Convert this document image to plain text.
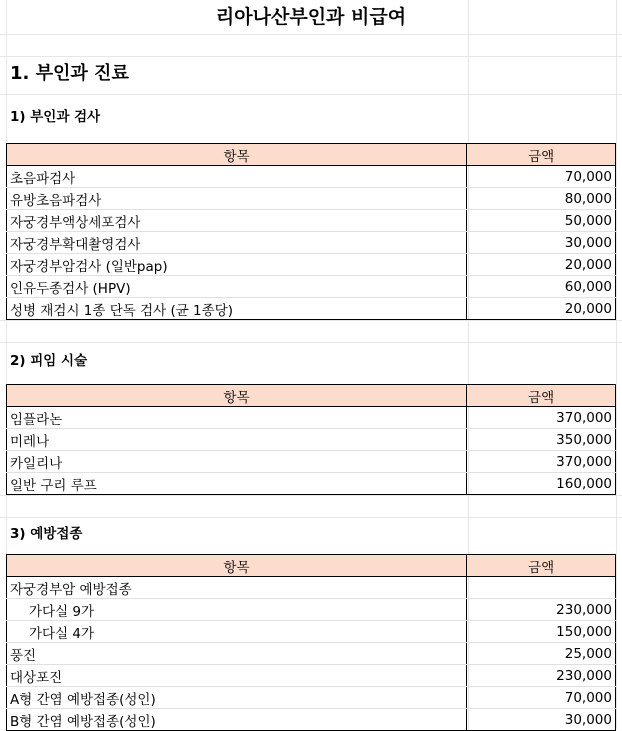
리아나산부인과 비급여
1. 부인과 진료
1) 부인과 검사
항목	금액
초음파검사	70,000
유방초음파검사	80,000
자궁경부액상세포검사	50,000
자궁경부확대촬영검사	30,000
자궁경부암검사 (일반pap)	20,000
인유두종검사 (HPV)	60,000
성병 재검시 1종 단독 검사 (균 1종당)	20,000
2) 피임 시술
항목	금액
임플라논	370,000
미레나	350,000
카일리나	370,000
일반 구리 루프	160,000
3) 예방접종
항목	금액
자궁경부암 예방접종	
가다실 9가	230,000
가다실 4가	150,000
풍진	25,000
대상포진	230,000
A형 간염 예방접종(성인)	70,000
B형 간염 예방접종(성인)	30,000
